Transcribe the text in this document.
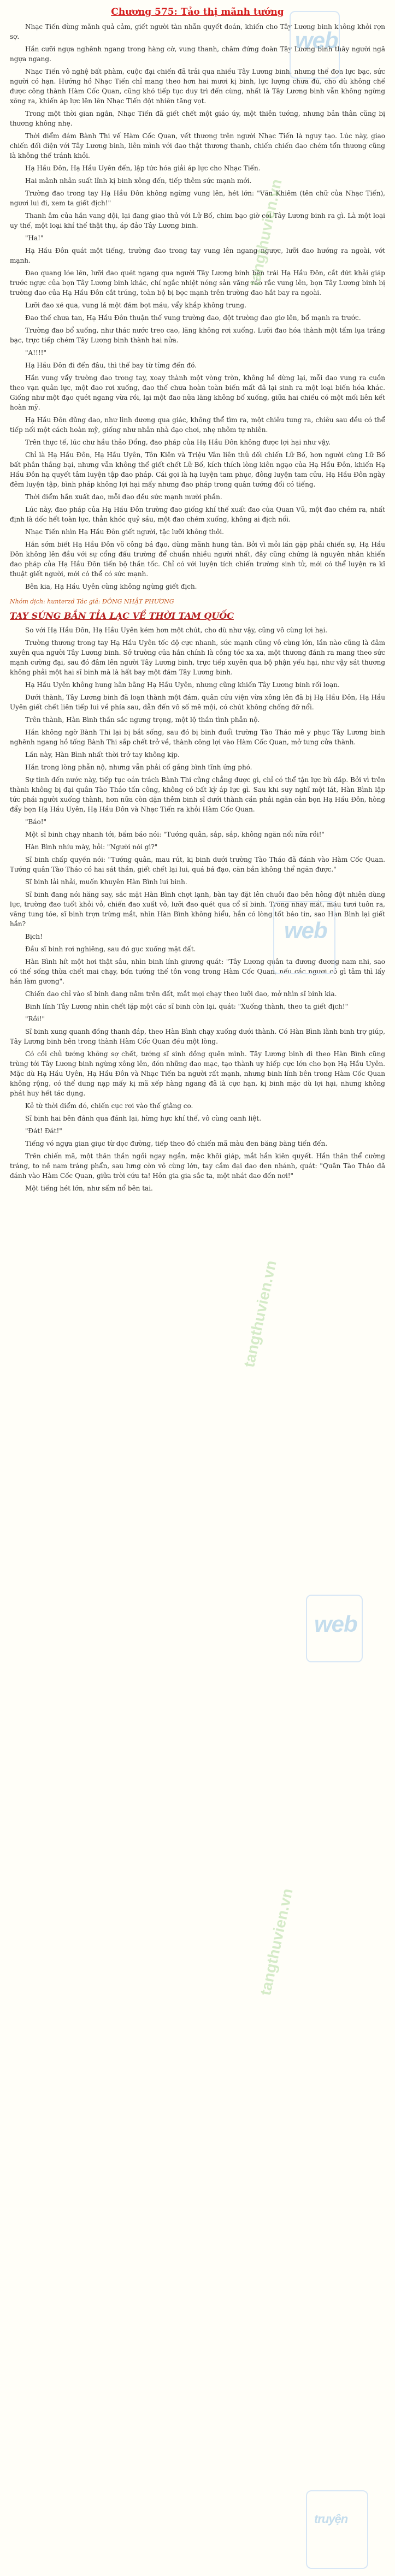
web
tangthuvien.vn
web
tangthuvien.vn
web
tangthuvien.vn
truyện
Chương 575: Tảo thị mãnh tướng

Nhạc Tiến dùng mãnh quả cảm, giết người tàn nhẫn quyết đoán, khiến cho Tây Lương binh không khỏi rợn sợ.

Hắn cưỡi ngựa nghênh ngang trong hàng cờ, vung thanh, chăm đứng đoàn Tây Lương binh thây người ngã ngựa ngang.

Nhạc Tiến vô nghệ bất phàm, cuộc đại chiến đã trải qua nhiều Tây Lương binh, nhưng thể đơn lực bạc, sức người có hạn. Hướng hồ Nhạc Tiến chỉ mang theo hơn hai mươi kị binh, lực lượng chưa đủ, cho dù không chế được công thành Hàm Cốc Quan, cũng khó tiếp tục duy trì đến cùng, nhất là Tây Lương binh vẫn không ngừng xông ra, khiến áp lực lên lên Nhạc Tiến đột nhiên tăng vọt.

Trong một thời gian ngắn, Nhạc Tiến đã giết chết một giáo úy, một thiên tướng, nhưng bản thân cũng bị thương không nhẹ.

Thời điểm đám Bành Thi vế Hàm Cốc Quan, vết thương trên người Nhạc Tiến là nguy tạo. Lúc này, giao chiến đối diện với Tây Lương binh, liên mình với đao thật thương thanh, chiến chiến đao chém tổn thương cũng là không thể tránh khỏi.

Hạ Hầu Đôn, Hạ Hầu Uyên đến, lập tức hóa giải áp lực cho Nhạc Tiến.

Hai mãnh nhân suất lĩnh kị binh xông đến, tiếp thêm sức mạnh mới.

Trường đao trong tay Hạ Hầu Đôn không ngừng vung lên, hét lớn: "Văn Khiêm (tên chữ của Nhạc Tiến), ngươi lui đi, xem ta giết địch!"

Thanh âm của hắn vang dội, lại đang giao thủ với Lữ Bố, chim bạo giờ coi Tây Lương binh ra gì. Là một loại uy thế, một loại khí thế thật thụ, áp đảo Tây Lương binh.

"Ha!"

Hạ Hầu Đôn quát một tiếng, trường đao trong tay vung lên ngang ngược, lưỡi đao hướng ra ngoài, vớt mạnh.

Đao quang lóe lên, lưỡi đao quét ngang qua người Tây Lương binh bên trái Hạ Hầu Đôn, cắt đứt khải giáp trước ngực của bọn Tây Lương binh khác, chí ngắc nhiệt nóng sản văng ráo rắc vung lên, bọn Tây Lương binh bị trường đao của Hạ Hầu Đôn cắt trúng, toàn bộ bị bọc mạnh trên trường đao hắt bay ra ngoài.

Lưỡi đao xé qua, vung lá một đám bọt máu, vẩy khắp không trung.

Đao thế chưa tan, Hạ Hầu Đôn thuận thế vung trường đao, đột trường đao giơ lên, bổ mạnh ra trước.

Trường đao bổ xuống, như thác nước treo cao, lăng không rơi xuống. Lưỡi đao hóa thành một tấm lụa trắng bạc, trực tiếp chém Tây Lương binh thành hai nửa.

"A!!!!"

Hạ Hầu Đôn đi đến đâu, thì thế bay từ từng đến đó.

Hắn vung vẩy trường đao trong tay, xoay thành một vòng tròn, không hề dừng lại, mỗi đao vung ra cuồn theo vạn quân lực, một đao rơi xuống, đao thế chưa hoàn toàn biến mất đã lại sinh ra một loại biến hóa khác. Giống như một đạo quét ngang vừa rồi, lại một đao nữa lăng không bổ xuống, giữa hai chiều có một mối liên kết hoàn mỹ.

Hạ Hầu Đôn dũng dao, như linh dương qua giác, không thể tìm ra, một chiêu tung ra, chiêu sau đều có thể tiếp nối một cách hoàn mỹ, giống như nhân nhà đạo chơi, nhẹ nhõm tự nhiên.

Trên thực tế, lúc chư hầu thảo Đổng, đao pháp của Hạ Hầu Đôn không được lợi hại như vậy.

Chỉ là Hạ Hầu Đôn, Hạ Hầu Uyên, Tôn Kiên và Triệu Vân liên thủ đối chiến Lữ Bố, hơn người cùng Lữ Bố bất phân thắng bại, nhưng vẫn không thể giết chết Lữ Bố, kích thích lòng kiên ngạo của Hạ Hầu Đôn, khiến Hạ Hầu Đôn hạ quyết tâm luyện tập đao pháp. Cái gọi là hạ luyện tam phục, đông luyện tam cửu, Hạ Hầu Đôn ngày đêm luyện tập, bình pháp không lợi hại mấy nhưng đao pháp trong quân tướng đối có tiếng.

Thời điểm hắn xuất đao, mỗi đao đều sức mạnh mười phần.

Lúc này, đao pháp của Hạ Hầu Đôn trường đao giống khí thế xuất đao của Quan Vũ, một đao chém ra, nhất định là dốc hết toàn lực, thẳn khóc quỷ sầu, một đao chém xuống, không ai địch nổi.

Nhạc Tiến nhìn Hạ Hầu Đôn giết người, tặc lưỡi không thôi.

Hắn sớm biết Hạ Hầu Đôn võ công bá đạo, dũng mãnh hung tàn. Bởi vì mỗi lần gặp phải chiến sự, Hạ Hầu Đôn không lên đầu với sự cổng đấu trường để chuẩn nhiều người nhất, đây cũng chứng là nguyên nhân khiến đao pháp của Hạ Hầu Đôn tiến bộ thần tốc. Chỉ có với luyện tích chiến trường sinh tử, mới có thể luyện ra kĩ thuật giết người, mới có thể có sức mạnh.

Bên kia, Hạ Hầu Uyên cũng không ngừng giết địch.

Nhóm dịch: hunterzd Tác giả: ĐÔNG NHẬT PHƯƠNG
TAY SÚNG BẮN TỈA LẠC VỀ THỜI TAM QUỐC

So với Hạ Hầu Đôn, Hạ Hầu Uyên kém hơn một chút, cho dù như vậy, cũng vô cùng lợi hại.

Trường thương trong tay Hạ Hầu Uyên tốc độ cực nhanh, sức mạnh cũng vô cùng lớn, lần nào cũng là đâm xuyên qua người Tây Lương binh. Sở trường của hắn chính là công tóc xa xa, một thương đánh ra mang theo sức mạnh cường đại, sau đó đâm lên người Tây Lương binh, trực tiếp xuyên qua bộ phận yếu hại, như vậy sát thương không phải một hai sĩ binh mà là hất bay một đám Tây Lương binh.

Hạ Hầu Uyên không hung hãn bằng Hạ Hầu Uyên, nhưng cũng khiến Tây Lương binh rối loạn.

Dưới thành, Tây Lương binh đã loạn thành một đám, quân cứu viện vừa xông lên đã bị Hạ Hầu Đôn, Hạ Hầu Uyên giết chết liên tiếp lui về phía sau, dẫn đến vô số mê mội, có chút không chống đỡ nổi.

Trên thành, Hàn Bình thần sắc ngưng trọng, một lộ thần tình phẫn nộ.

Hắn không ngờ Bành Thi lại bị bắt sống, sau đó bị binh đuổi trường Tào Tháo mê y phục Tây Lương binh nghênh ngang hồ tống Bành Thi sắp chết trở về, thành công lợi vào Hàm Cốc Quan, mở tung cửa thành.

Lần này, Hàn Bình nhất thời trở tay không kịp.

Hắn trong lòng phẫn nộ, nhưng vẫn phải cố gắng bình tĩnh ứng phó.

Sự tình đến nước này, tiếp tục oán trách Bành Thi cũng chẳng được gì, chỉ có thể tận lực bù đắp. Bởi vì trên thành không bị đại quân Tào Tháo tấn công, không có bất kỳ áp lực gì. Sau khi suy nghĩ một lát, Hàn Bình lập tức phái người xuống thành, hơn nữa còn dặn thêm binh sĩ dưới thành cần phải ngăn cản bọn Hạ Hầu Đôn, hòng đẩy bọn Hạ Hầu Uyên, Hạ Hầu Đôn và Nhạc Tiến ra khỏi Hàm Cốc Quan.

"Báo!"

Một sĩ binh chạy nhanh tới, bẩm báo nói: "Tướng quân, sắp, sắp, không ngăn nổi nữa rồi!"

Hàn Bình nhíu mày, hỏi: "Người nói gì?"

Sĩ binh chấp quyền nói: "Tướng quân, mau rút, kị binh dưới trường Tào Tháo đã đánh vào Hàm Cốc Quan. Tướng quân Tào Tháo có hai sát thần, giết chết lại lui, quá bá đạo, căn bản không thể ngăn được."

Sĩ binh lải nhải, muốn khuyên Hàn Bình lui binh.

Sĩ binh đang nói hăng say, sắc mặt Hàn Bình chợt lạnh, bàn tay đặt lên chuôi đao bên hông đột nhiên dùng lực, trường đao tuốt khỏi vỏ, chiến đao xuất vỏ, lưỡi đao quét qua cổ sĩ binh. Trong nháy mắt, máu tươi tuôn ra, văng tung tóe, sĩ binh trợn trừng mắt, nhìn Hàn Bình không hiểu, hắn có lòng tốt báo tin, sao Hàn Bình lại giết hắn?

Bịch!

Đầu sĩ binh rơi nghiêng, sau đó gục xuống mặt đất.

Hàn Bình hít một hơi thật sâu, nhìn binh lính giương quát: "Tây Lương quân ta đương đương nam nhi, sao có thể sống thừa chết mai chạy, bốn tướng thế tôn vong trong Hàm Cốc Quan, nếu các ngươi có gì tâm thì lấy hắn làm gương".

Chiến đao chỉ vào sĩ binh đang nằm trên đất, mắt mọi chạy theo lưỡi đao, mở nhìn sĩ binh kia.

Binh lính Tây Lương nhìn chết lặp một các sĩ binh còn lại, quát: "Xuống thành, theo ta giết địch!"

"Rồi!"

Sĩ binh xung quanh đồng thanh đáp, theo Hàn Bình chạy xuống dưới thành. Có Hàn Bình lãnh binh trợ giúp, Tây Lương binh bên trong thành Hàm Cốc Quan đều một lòng.

Có cồi chủ tướng không sợ chết, tướng sĩ sinh đồng quên mình. Tây Lương binh đi theo Hàn Bình cũng trùng tới Tây Lương binh ngừng xông lên, đón những đao mạc, tạo thành uy hiếp cực lớn cho bọn Hạ Hầu Uyên. Mặc dù Hạ Hầu Uyên, Hạ Hầu Đôn và Nhạc Tiến ba người rất mạnh, nhưng binh lính bên trong Hàm Cốc Quan không rộng, có thể dung nạp mấy kị mã xếp hàng ngang đã là cực hạn, kị binh mặc dù lợi hại, nhưng không phát huy hết tác dụng.

Kẻ từ thời điểm đó, chiến cục rơi vào thế giằng co.

Sĩ binh hai bên đánh qua đánh lại, hừng hực khí thế, vô cùng oanh liệt.

"Đát! Đát!"

Tiếng vó ngựa gian giục từ dọc đường, tiếp theo đó chiến mã màu đen băng băng tiến đến.

Trên chiến mã, một thân thần ngồi ngay ngắn, mặc khôi giáp, mắt hắn kiên quyết. Hắn thân thể cường tráng, to nề nam tráng phẩn, sau lưng còn vô cùng lớn, tay cầm đại đao đen nhánh, quát: "Quân Tào Tháo đã đánh vào Hàm Cốc Quan, giữa trời cứu ta! Hôn gia gia sắc ta, một nhát đao đến nơi!"

Một tiếng hét lớn, như sấm nổ bên tai.
